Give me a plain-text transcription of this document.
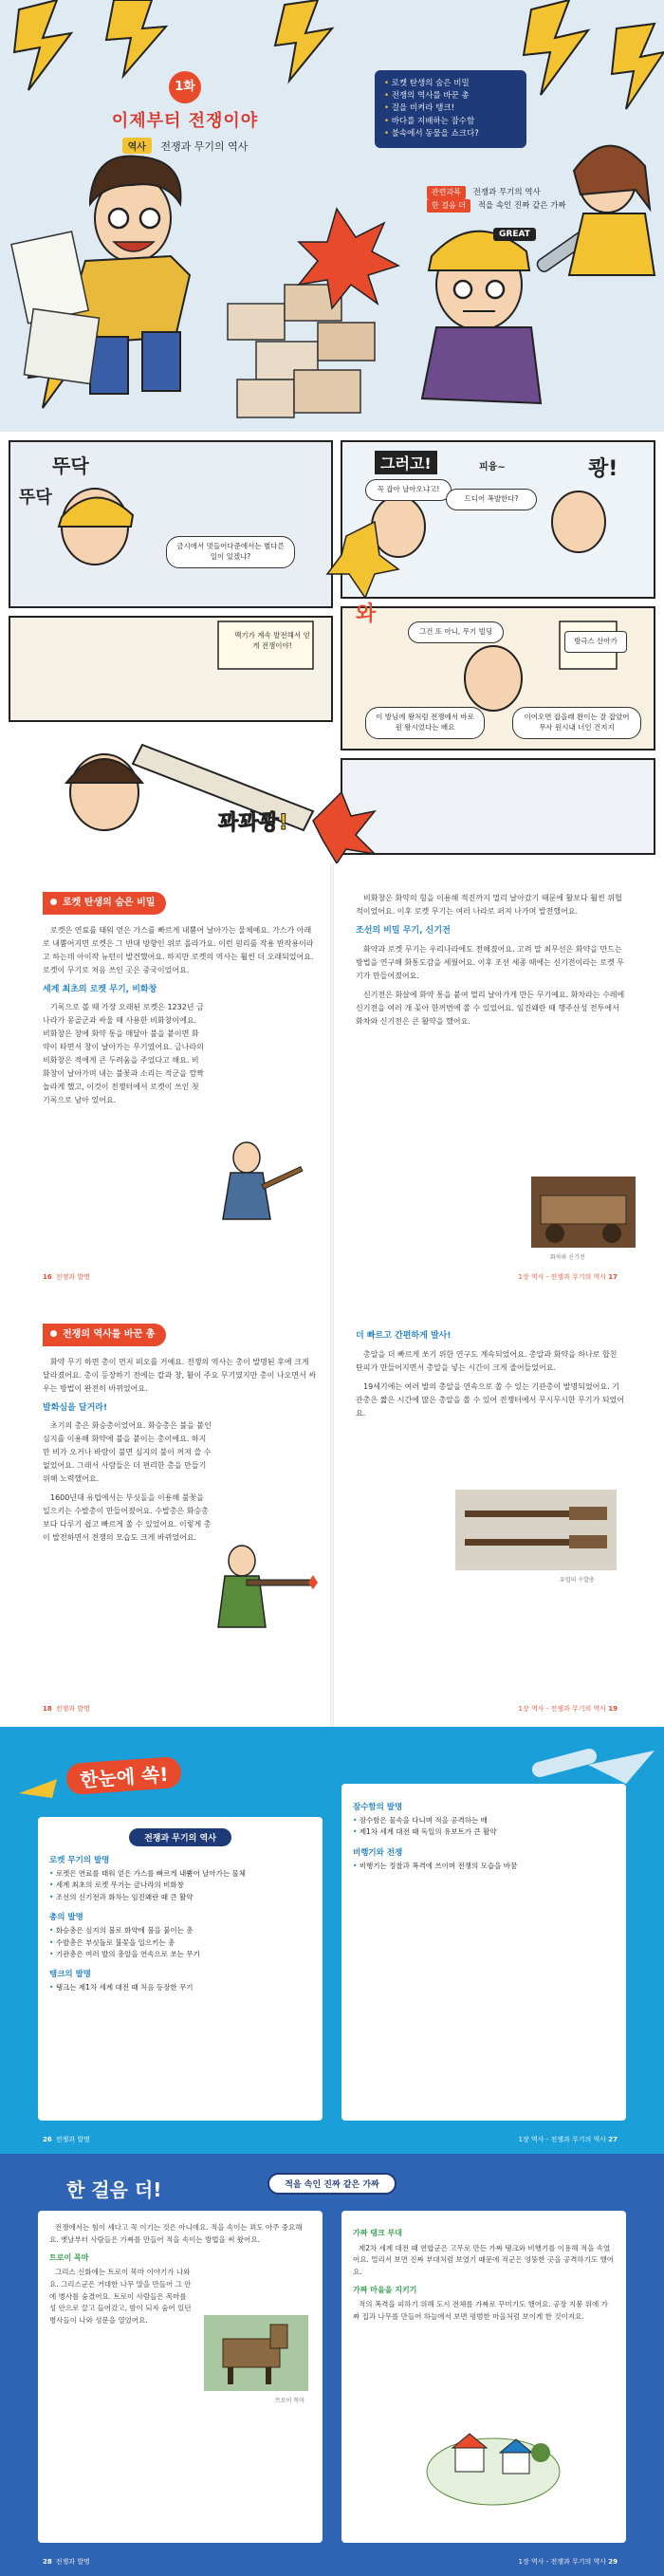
1화
이제부터 전쟁이야
역사 전쟁과 무기의 역사
• 로켓 탄생의 숨은 비밀
• 전쟁의 역사를 바꾼 총
• 걸을 비켜라 탱크!
• 바다를 지배하는 잠수함
• 불속에서 동물을 쇼크다?
관련과목 전쟁과 무기의 역사
한 걸음 더 적을 속인 진짜 같은 가짜
GREAT
뚜닥
뚜닥
그러고!	피융~	쾅!
와
꽈꽈꽝!
금시에서 멋들어다준에서는 별다른 일이 있겠냐?
꼭 잡아 날아오냐고!
드디어 폭발한다?
그건 또 아니, 무기 빌딩
이 방님에 왕처럼 전쟁에서 바로 원 왕시었다는 배요
이어오면 잡을래 완이는 잘 잡았어 무사 원시내 너인 건지지
방극스 산아가
맥기가 계속 발전해서 얻게 전쟁이야!
로켓 탄생의 숨은 비밀

로켓은 연료를 태워 얻은 가스를 빠르게 내뿜어 날아가는 물체예요. 가스가 아래로 내뿜어지면 로켓은 그 반대 방향인 위로 올라가요. 이런 원리를 작용 반작용이라고 하는데 아이작 뉴턴이 발견했어요. 하지만 로켓의 역사는 훨씬 더 오래되었어요. 로켓이 무기로 처음 쓰인 곳은 중국이었어요.

세계 최초의 로켓 무기, 비화창

기록으로 볼 때 가장 오래된 로켓은 1232년 금나라가 몽골군과 싸울 때 사용한 비화창이에요. 비화창은 창에 화약 통을 매달아 불을 붙이면 화약이 타면서 창이 날아가는 무기였어요. 금나라의 비화창은 적에게 큰 두려움을 주었다고 해요. 비화창이 날아가며 내는 불꽃과 소리는 적군을 깜짝 놀라게 했고, 이것이 전쟁터에서 로켓이 쓰인 첫 기록으로 남아 있어요.

비화창은 화약의 힘을 이용해 적진까지 멀리 날아갔기 때문에 활보다 훨씬 위협적이었어요. 이후 로켓 무기는 여러 나라로 퍼져 나가며 발전했어요.

조선의 비밀 무기, 신기전

화약과 로켓 무기는 우리나라에도 전해졌어요. 고려 말 최무선은 화약을 만드는 방법을 연구해 화통도감을 세웠어요. 이후 조선 세종 때에는 신기전이라는 로켓 무기가 만들어졌어요.

신기전은 화살에 화약 통을 붙여 멀리 날아가게 만든 무기예요. 화차라는 수레에 신기전을 여러 개 꽂아 한꺼번에 쏠 수 있었어요. 임진왜란 때 행주산성 전투에서 화차와 신기전은 큰 활약을 했어요.

화차와 신기전
16 전쟁과 발명	1장 역사 - 전쟁과 무기의 역사 17
전쟁의 역사를 바꾼 총

화약 무기 하면 총이 먼저 떠오를 거예요. 전쟁의 역사는 총이 발명된 후에 크게 달라졌어요. 총이 등장하기 전에는 칼과 창, 활이 주요 무기였지만 총이 나오면서 싸우는 방법이 완전히 바뀌었어요.

발화심을 달거라!

초기의 총은 화승총이었어요. 화승총은 불을 붙인 심지를 이용해 화약에 불을 붙이는 총이에요. 하지만 비가 오거나 바람이 불면 심지의 불이 꺼져 쓸 수 없었어요. 그래서 사람들은 더 편리한 총을 만들기 위해 노력했어요.

1600년대 유럽에서는 부싯돌을 이용해 불꽃을 일으키는 수발총이 만들어졌어요. 수발총은 화승총보다 다루기 쉽고 빠르게 쏠 수 있었어요. 이렇게 총이 발전하면서 전쟁의 모습도 크게 바뀌었어요.

더 빠르고 간편하게 발사!

총알을 더 빠르게 쏘기 위한 연구도 계속되었어요. 총알과 화약을 하나로 합친 탄피가 만들어지면서 총알을 넣는 시간이 크게 줄어들었어요.

19세기에는 여러 발의 총알을 연속으로 쏠 수 있는 기관총이 발명되었어요. 기관총은 짧은 시간에 많은 총알을 쏠 수 있어 전쟁터에서 무시무시한 무기가 되었어요.

유럽의 수발총
18 전쟁과 발명	1장 역사 - 전쟁과 무기의 역사 19
한눈에 쏙!
전쟁과 무기의 역사
로켓 무기의 발명
• 로켓은 연료를 태워 얻은 가스를 빠르게 내뿜어 날아가는 물체
• 세계 최초의 로켓 무기는 금나라의 비화창
• 조선의 신기전과 화차는 임진왜란 때 큰 활약
총의 발명
• 화승총은 심지의 불로 화약에 불을 붙이는 총
• 수발총은 부싯돌로 불꽃을 일으키는 총
• 기관총은 여러 발의 총알을 연속으로 쏘는 무기
탱크의 발명
• 탱크는 제1차 세계 대전 때 처음 등장한 무기
잠수함의 발명
• 잠수함은 물속을 다니며 적을 공격하는 배
• 제1차 세계 대전 때 독일의 유보트가 큰 활약
비행기와 전쟁
• 비행기는 정찰과 폭격에 쓰이며 전쟁의 모습을 바꿈
26 전쟁과 발명	1장 역사 - 전쟁과 무기의 역사 27
한 걸음 더!	적을 속인 진짜 같은 가짜

전쟁에서는 힘이 세다고 꼭 이기는 것은 아니에요. 적을 속이는 꾀도 아주 중요해요. 옛날부터 사람들은 가짜를 만들어 적을 속이는 방법을 써 왔어요.

트로이 목마

그리스 신화에는 트로이 목마 이야기가 나와요. 그리스군은 거대한 나무 말을 만들어 그 안에 병사를 숨겼어요. 트로이 사람들은 목마를 성 안으로 끌고 들어갔고, 밤이 되자 숨어 있던 병사들이 나와 성문을 열었어요.

트로이 목마
가짜 탱크 부대

제2차 세계 대전 때 연합군은 고무로 만든 가짜 탱크와 비행기를 이용해 적을 속였어요. 멀리서 보면 진짜 부대처럼 보였기 때문에 적군은 엉뚱한 곳을 공격하기도 했어요.

가짜 마을을 지키기

적의 폭격을 피하기 위해 도시 전체를 가짜로 꾸미기도 했어요. 공장 지붕 위에 가짜 집과 나무를 만들어 하늘에서 보면 평범한 마을처럼 보이게 한 것이지요.

28 전쟁과 발명	1장 역사 - 전쟁과 무기의 역사 29
